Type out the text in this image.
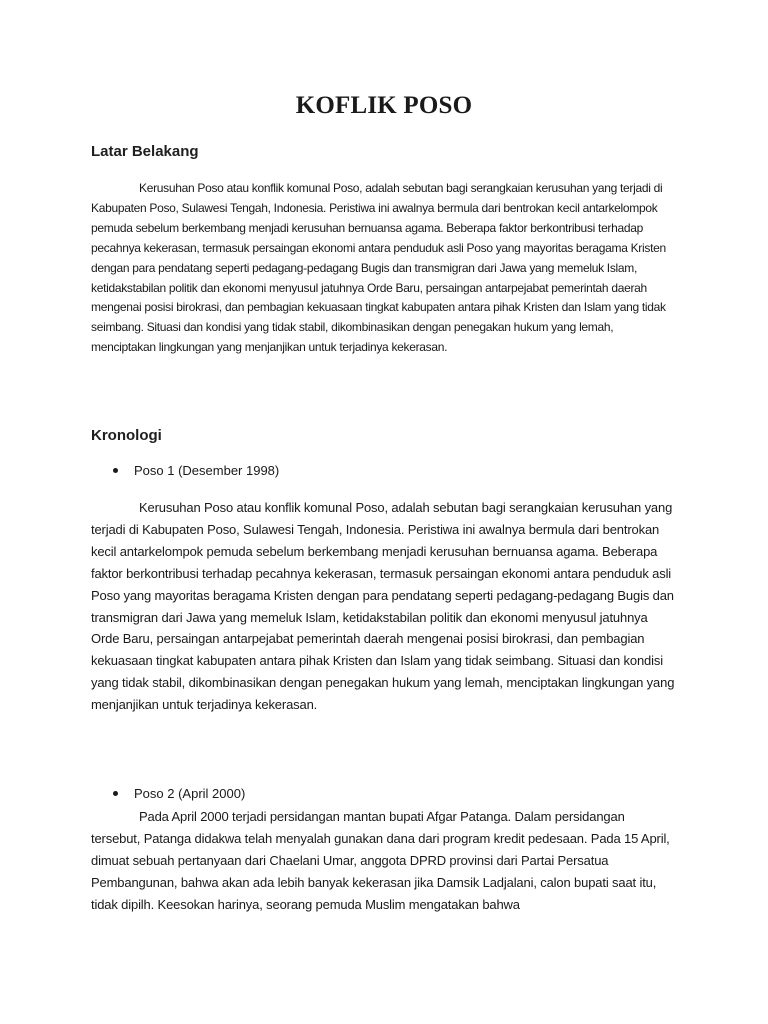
KOFLIK POSO
Latar Belakang

Kerusuhan Poso atau konflik komunal Poso, adalah sebutan bagi serangkaian kerusuhan yang terjadi di Kabupaten Poso, Sulawesi Tengah, Indonesia. Peristiwa ini awalnya bermula dari bentrokan kecil antarkelompok pemuda sebelum berkembang menjadi kerusuhan bernuansa agama. Beberapa faktor berkontribusi terhadap pecahnya kekerasan, termasuk persaingan ekonomi antara penduduk asli Poso yang mayoritas beragama Kristen dengan para pendatang seperti pedagang-pedagang Bugis dan transmigran dari Jawa yang memeluk Islam, ketidakstabilan politik dan ekonomi menyusul jatuhnya Orde Baru, persaingan antarpejabat pemerintah daerah mengenai posisi birokrasi, dan pembagian kekuasaan tingkat kabupaten antara pihak Kristen dan Islam yang tidak seimbang. Situasi dan kondisi yang tidak stabil, dikombinasikan dengan penegakan hukum yang lemah, menciptakan lingkungan yang menjanjikan untuk terjadinya kekerasan.

Kronologi
Poso 1 (Desember 1998)

Kerusuhan Poso atau konflik komunal Poso, adalah sebutan bagi serangkaian kerusuhan yang terjadi di Kabupaten Poso, Sulawesi Tengah, Indonesia. Peristiwa ini awalnya bermula dari bentrokan kecil antarkelompok pemuda sebelum berkembang menjadi kerusuhan bernuansa agama. Beberapa faktor berkontribusi terhadap pecahnya kekerasan, termasuk persaingan ekonomi antara penduduk asli Poso yang mayoritas beragama Kristen dengan para pendatang seperti pedagang-pedagang Bugis dan transmigran dari Jawa yang memeluk Islam, ketidakstabilan politik dan ekonomi menyusul jatuhnya Orde Baru, persaingan antarpejabat pemerintah daerah mengenai posisi birokrasi, dan pembagian kekuasaan tingkat kabupaten antara pihak Kristen dan Islam yang tidak seimbang. Situasi dan kondisi yang tidak stabil, dikombinasikan dengan penegakan hukum yang lemah, menciptakan lingkungan yang menjanjikan untuk terjadinya kekerasan.

Poso 2 (April 2000)

Pada April 2000 terjadi persidangan mantan bupati Afgar Patanga. Dalam persidangan tersebut, Patanga didakwa telah menyalah gunakan dana dari program kredit pedesaan. Pada 15 April, dimuat sebuah pertanyaan dari Chaelani Umar, anggota DPRD provinsi dari Partai Persatua Pembangunan, bahwa akan ada lebih banyak kekerasan jika Damsik Ladjalani, calon bupati saat itu, tidak dipilh. Keesokan harinya, seorang pemuda Muslim mengatakan bahwa
